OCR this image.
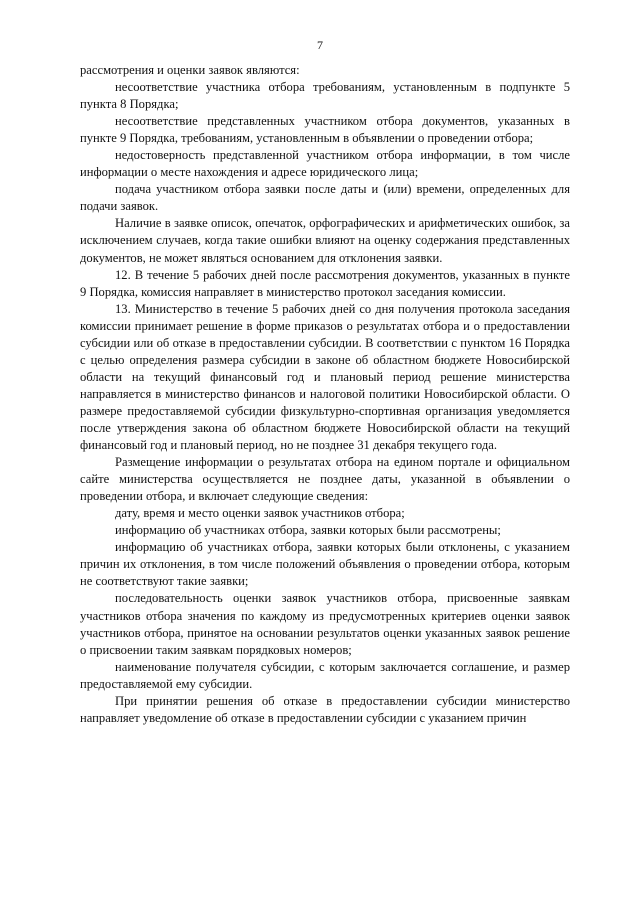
7

рассмотрения и оценки заявок являются:

несоответствие участника отбора требованиям, установленным в подпункте 5 пункта 8 Порядка;

несоответствие представленных участником отбора документов, указанных в пункте 9 Порядка, требованиям, установленным в объявлении о проведении отбора;

недостоверность представленной участником отбора информации, в том числе информации о месте нахождения и адресе юридического лица;

подача участником отбора заявки после даты и (или) времени, определенных для подачи заявок.

Наличие в заявке описок, опечаток, орфографических и арифметических ошибок, за исключением случаев, когда такие ошибки влияют на оценку содержания представленных документов, не может являться основанием для отклонения заявки.

12. В течение 5 рабочих дней после рассмотрения документов, указанных в пункте 9 Порядка, комиссия направляет в министерство протокол заседания комиссии.

13. Министерство в течение 5 рабочих дней со дня получения протокола заседания комиссии принимает решение в форме приказов о результатах отбора и о предоставлении субсидии или об отказе в предоставлении субсидии. В соответствии с пунктом 16 Порядка с целью определения размера субсидии в законе об областном бюджете Новосибирской области на текущий финансовый год и плановый период решение министерства направляется в министерство финансов и налоговой политики Новосибирской области. О размере предоставляемой субсидии физкультурно-спортивная организация уведомляется после утверждения закона об областном бюджете Новосибирской области на текущий финансовый год и плановый период, но не позднее 31 декабря текущего года.

Размещение информации о результатах отбора на едином портале и официальном сайте министерства осуществляется не позднее даты, указанной в объявлении о проведении отбора, и включает следующие сведения:

дату, время и место оценки заявок участников отбора;

информацию об участниках отбора, заявки которых были рассмотрены;

информацию об участниках отбора, заявки которых были отклонены, с указанием причин их отклонения, в том числе положений объявления о проведении отбора, которым не соответствуют такие заявки;

последовательность оценки заявок участников отбора, присвоенные заявкам участников отбора значения по каждому из предусмотренных критериев оценки заявок участников отбора, принятое на основании результатов оценки указанных заявок решение о присвоении таким заявкам порядковых номеров;

наименование получателя субсидии, с которым заключается соглашение, и размер предоставляемой ему субсидии.

При принятии решения об отказе в предоставлении субсидии министерство направляет уведомление об отказе в предоставлении субсидии с указанием причин
